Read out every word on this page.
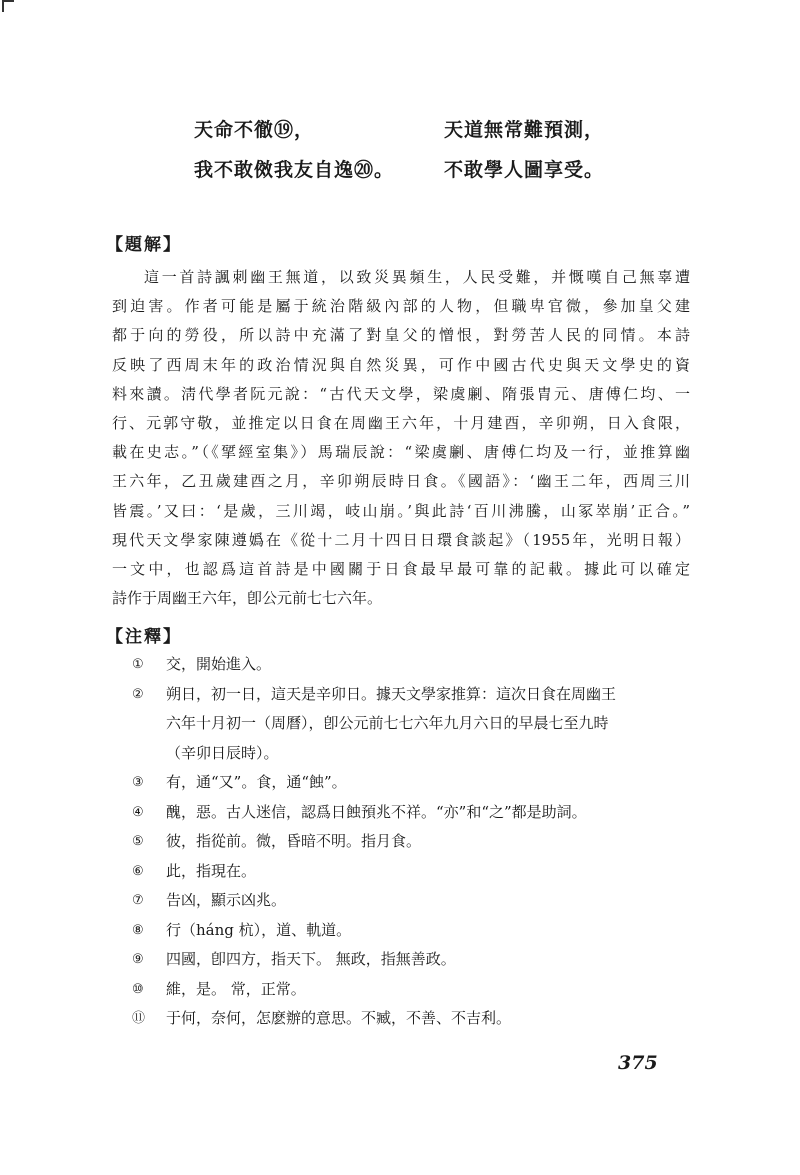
天命不徹⑲，	天道無常難預測，
我不敢傚我友自逸⑳。	不敢學人圖享受。
【題解】
這一首詩諷刺幽王無道，以致災異頻生，人民受難，并慨嘆自己無辜遭
到迫害。作者可能是屬于統治階級內部的人物，但職卑官微，參加皇父建
都于向的勞役，所以詩中充滿了對皇父的憎恨，對勞苦人民的同情。本詩
反映了西周末年的政治情況與自然災異，可作中國古代史與天文學史的資
料來讀。淸代學者阮元說：“古代天文學，梁虞劆、隋張胄元、唐傅仁均、一
行、元郭守敬，並推定以日食在周幽王六年，十月建酉，辛卯朔，日入食限，
載在史志。”（《揅經室集》）馬瑞辰說：“梁虞劆、唐傅仁均及一行，並推算幽
王六年，乙丑歲建酉之月，辛卯朔辰時日食。《國語》：‘幽王二年，西周三川
皆震。’又曰：‘是歲，三川竭，岐山崩。’與此詩‘百川沸騰，山冢崒崩’正合。”
現代天文學家陳遵嬀在《從十二月十四日日環食談起》（1955年，光明日報）
一文中，也認爲這首詩是中國關于日食最早最可靠的記載。據此可以確定
詩作于周幽王六年，卽公元前七七六年。
【注釋】
①	交，開始進入。
②	朔日，初一日，這天是辛卯日。據天文學家推算：這次日食在周幽王
六年十月初一（周曆），卽公元前七七六年九月六日的早晨七至九時
（辛卯日辰時）。
③	有，通“又”。食，通“蝕”。
④	醜，惡。古人迷信，認爲日蝕預兆不祥。“亦”和“之”都是助詞。
⑤	彼，指從前。微，昏暗不明。指月食。
⑥	此，指現在。
⑦	告凶，顯示凶兆。
⑧	行（háng 杭），道、軌道。
⑨	四國，卽四方，指天下。 無政，指無善政。
⑩	維，是。 常，正常。
⑪	于何，奈何，怎麽辦的意思。不臧，不善、不吉利。
375
